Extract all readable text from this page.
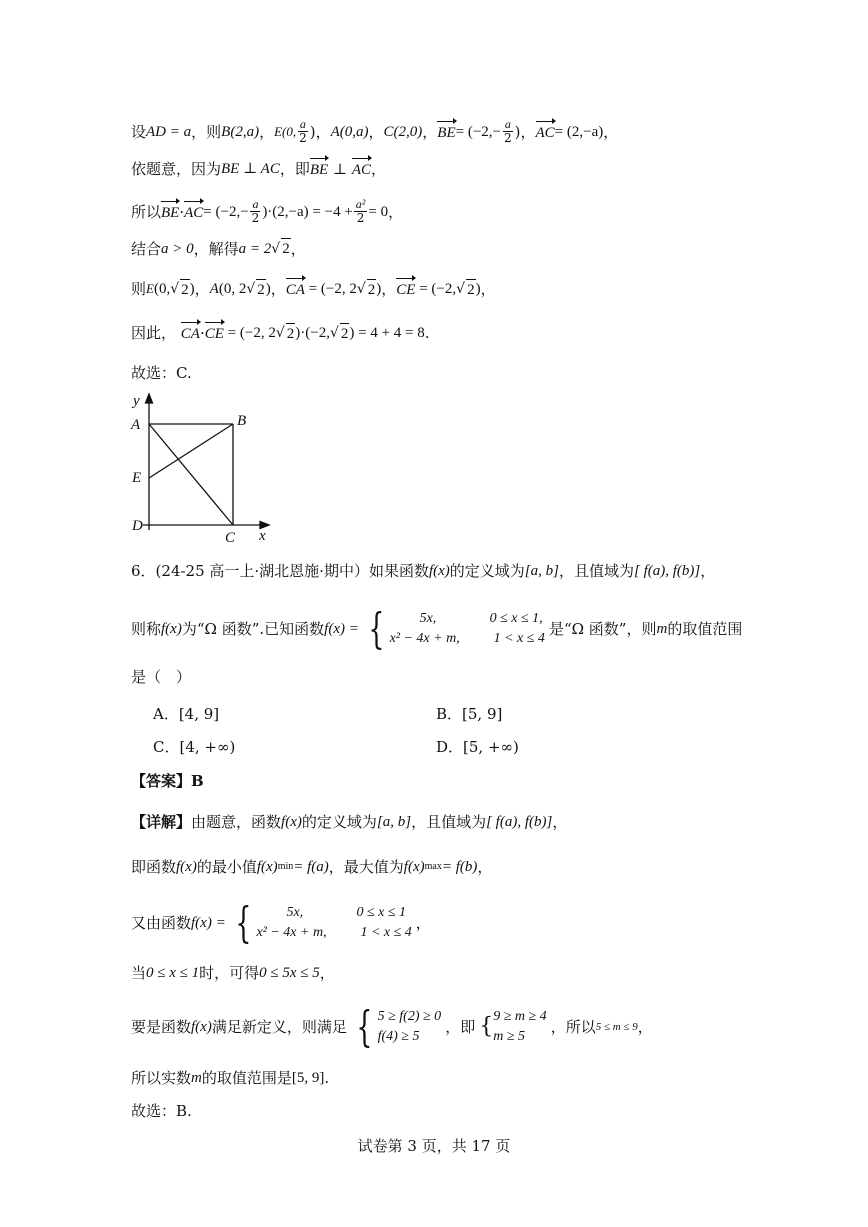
设 AD = a ，则 B(2,a) ， E(0, $\frac{a}{2}$ )， A(0,a) ， C(2,0) ， BE = ($-2,- \frac{a}{2}$ )， AC = (2,−a) ，
依题意，因为 BE ⊥ AC ，即 BE ⊥ AC ，
所以 BE · AC = $(-2,- \frac{a}{2} )\cdot(2,-a) = -4 + \frac{\text{a²}}{2} = 0$ ，
结合 a > 0 ，解得 a = 2 √ 2 ，
则 E (0, √ 2 ) ， A (0, 2 √ 2 ) ， CA = (−2, 2 √ 2 ) ， CE = (−2, √ 2 ) ，
因此，
CA · CE = (−2, 2 √ 2 )·(−2, √ 2 ) = 4 + 4 = 8 .
故选：C.
y
A	B
E
D
C x
6．(24-25 高一上·湖北恩施·期中）如果函数 f(x) 的定义域为 [a, b] ，且值域为 [ f(a), f(b)] ，
则称 f(x) 为“Ω 函数”.已知函数 f(x) = {	5x,	0 ≤ x ≤ 1,
x² − 4x + m,	1 < x ≤ 4
是“Ω 函数”，则 m 的取值范围
是（　）
A．[4, 9]	B．[5, 9]
C．[4, +∞)	D．[5, +∞)
【答案】B
【详解】 由题意，函数 f(x) 的定义域为 [a, b] ，且值域为 [ f(a), f(b)] ，
即函数 f(x) 的最小值 f(x) min = f(a) ，最大值为 f(x) max = f(b) ，
又由函数 f(x) = {	5x,	0 ≤ x ≤ 1
x² − 4x + m,	1 < x ≤ 4
，
当 0 ≤ x ≤ 1 时，可得 0 ≤ 5x ≤ 5 ，
要是函数 f(x) 满足新定义，则满足 { 5 ≥ f(2) ≥ 0
f(4) ≥ 5
，即 { 9 ≥ m ≥ 4
m ≥ 5
，所以 5 ≤ m ≤ 9 ，
所以实数 m 的取值范围是 [5, 9] .
故选：B.
试卷第 3 页，共 17 页
